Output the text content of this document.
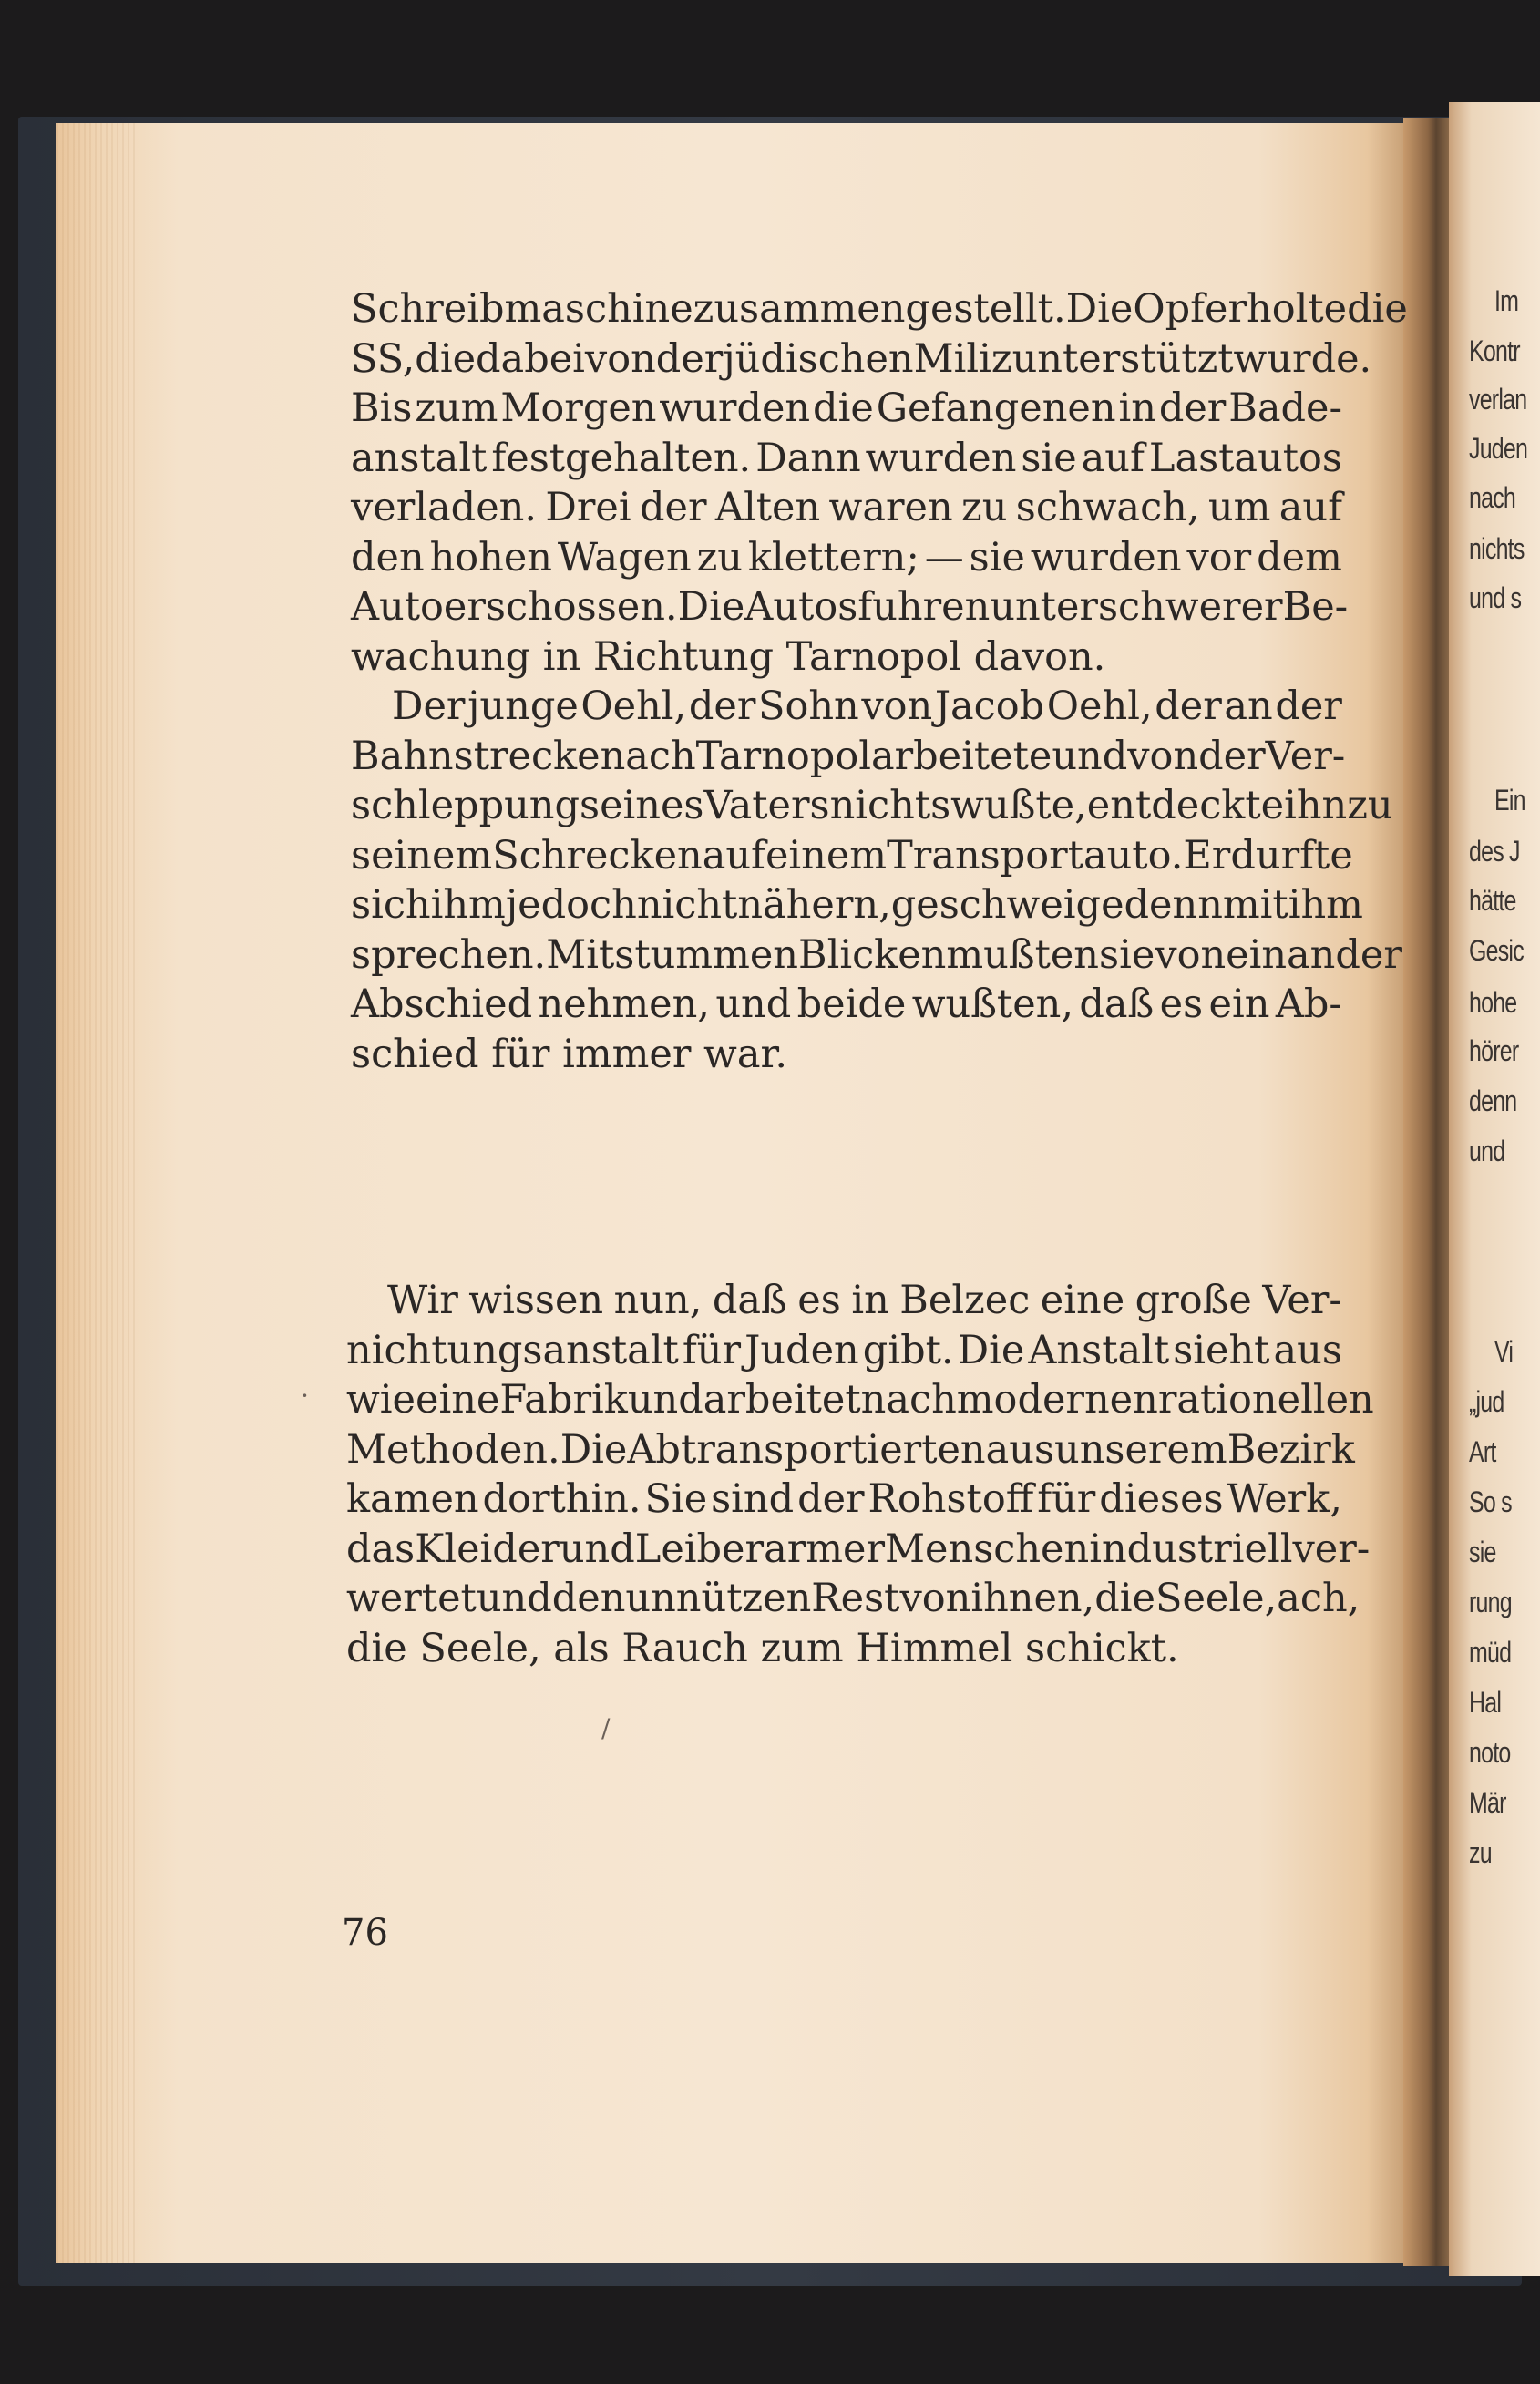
Schreibmaschine zusammengestellt. Die Opfer holte die
SS, die dabei von der jüdischen Miliz unterstützt wurde.
Bis zum Morgen wurden die Gefangenen in der Bade-
anstalt festgehalten. Dann wurden sie auf Lastautos
verladen. Drei der Alten waren zu schwach, um auf
den hohen Wagen zu klettern; — sie wurden vor dem
Auto erschossen. Die Autos fuhren unter schwerer Be-
wachung in Richtung Tarnopol davon.
Der junge Oehl, der Sohn von Jacob Oehl, der an der
Bahnstrecke nach Tarnopol arbeitete und von der Ver-
schleppung seines Vaters nichts wußte, entdeckte ihn zu
seinem Schrecken auf einem Transportauto. Er durfte
sich ihm jedoch nicht nähern, geschweige denn mit ihm
sprechen. Mit stummen Blicken mußten sie voneinander
Abschied nehmen, und beide wußten, daß es ein Ab-
schied für immer war.
Wir wissen nun, daß es in Belzec eine große Ver-
nichtungsanstalt für Juden gibt. Die Anstalt sieht aus
wie eine Fabrik und arbeitet nach modernen rationellen
Methoden. Die Abtransportierten aus unserem Bezirk
kamen dorthin. Sie sind der Rohstoff für dieses Werk,
das Kleider und Leiber armer Menschen industriell ver-
wertet und den unnützen Rest von ihnen, die Seele, ach,
die Seele, als Rauch zum Himmel schickt.
76
/
·
Im
Kontr
verlan
Juden
nach
nichts
und s
Ein
des J
hätte
Gesic
hohe
hörer
denn
und
Vi
„jud
Art
So s
sie
rung
müd
Hal
noto
Mär
zu
